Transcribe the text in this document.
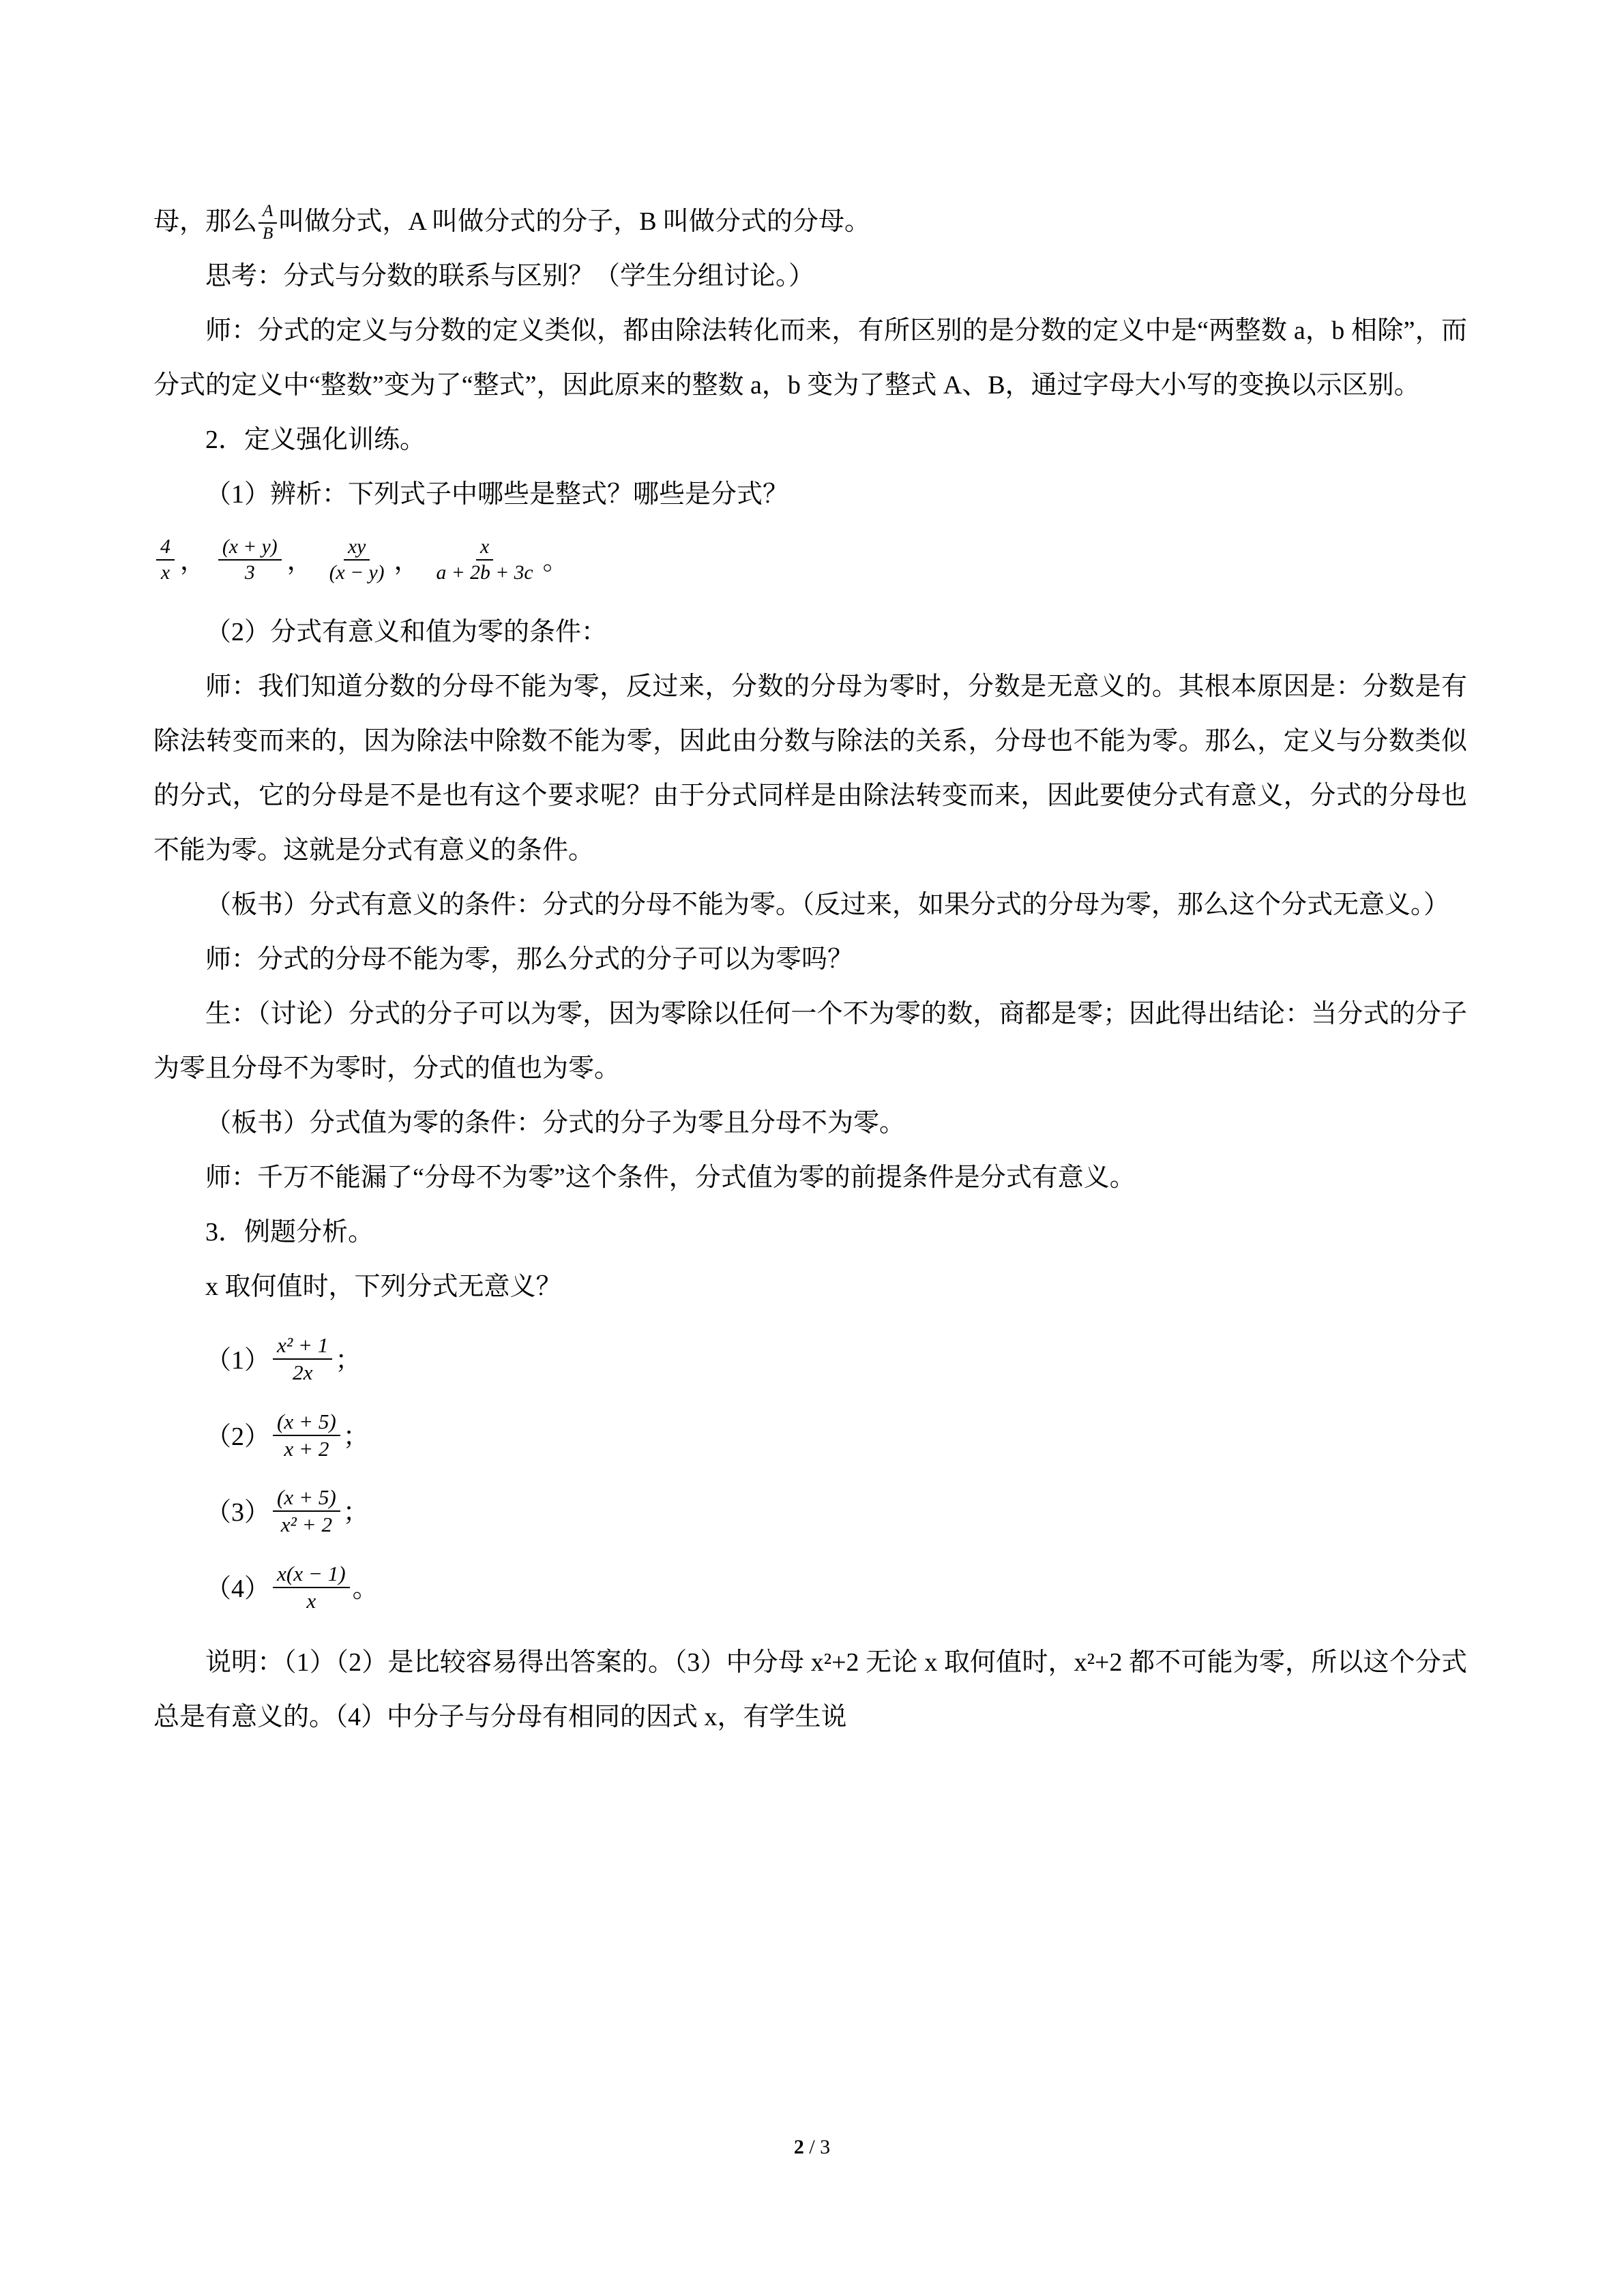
母，那么 $\frac{A}{B}$ 叫做分式，A 叫做分式的分子，B 叫做分式的分母。

思考：分式与分数的联系与区别？（学生分组讨论。）

师：分式的定义与分数的定义类似，都由除法转化而来，有所区别的是分数的定义中是“两整数 a，b 相除”，而分式的定义中“整数”变为了“整式”，因此原来的整数 a，b 变为了整式 A、B，通过字母大小写的变换以示区别。

2．定义强化训练。

（1）辨析：下列式子中哪些是整式？哪些是分式？

$\frac{4}{x}$ ， $\frac{(x + y)}{3}$ ， $\frac{xy}{(x - y)}$ ， $\frac{x}{a + 2b + 3c}$ 。

（2）分式有意义和值为零的条件：

师：我们知道分数的分母不能为零，反过来，分数的分母为零时，分数是无意义的。其根本原因是：分数是有除法转变而来的，因为除法中除数不能为零，因此由分数与除法的关系，分母也不能为零。那么，定义与分数类似的分式，它的分母是不是也有这个要求呢？由于分式同样是由除法转变而来，因此要使分式有意义，分式的分母也不能为零。这就是分式有意义的条件。

（板书）分式有意义的条件：分式的分母不能为零。（反过来，如果分式的分母为零，那么这个分式无意义。）

师：分式的分母不能为零，那么分式的分子可以为零吗？

生：（讨论）分式的分子可以为零，因为零除以任何一个不为零的数，商都是零；因此得出结论：当分式的分子为零且分母不为零时，分式的值也为零。

（板书）分式值为零的条件：分式的分子为零且分母不为零。

师：千万不能漏了“分母不为零”这个条件，分式值为零的前提条件是分式有意义。

3．例题分析。

x 取何值时，下列分式无意义？

$(1) \frac{\text{x² + 1}}{2x}$ ；
$(2) \frac{(x + 5)}{x + 2}$ ；
$(3) \frac{(x + 5)}{\text{x² + 2}}$ ；
$(4) \frac{x(x - 1)}{x}$ 。

说明：（1）（2）是比较容易得出答案的。（3）中分母 x²+2 无论 x 取何值时，x²+2 都不可能为零，所以这个分式总是有意义的。（4）中分子与分母有相同的因式 x，有学生说

2 / 3
